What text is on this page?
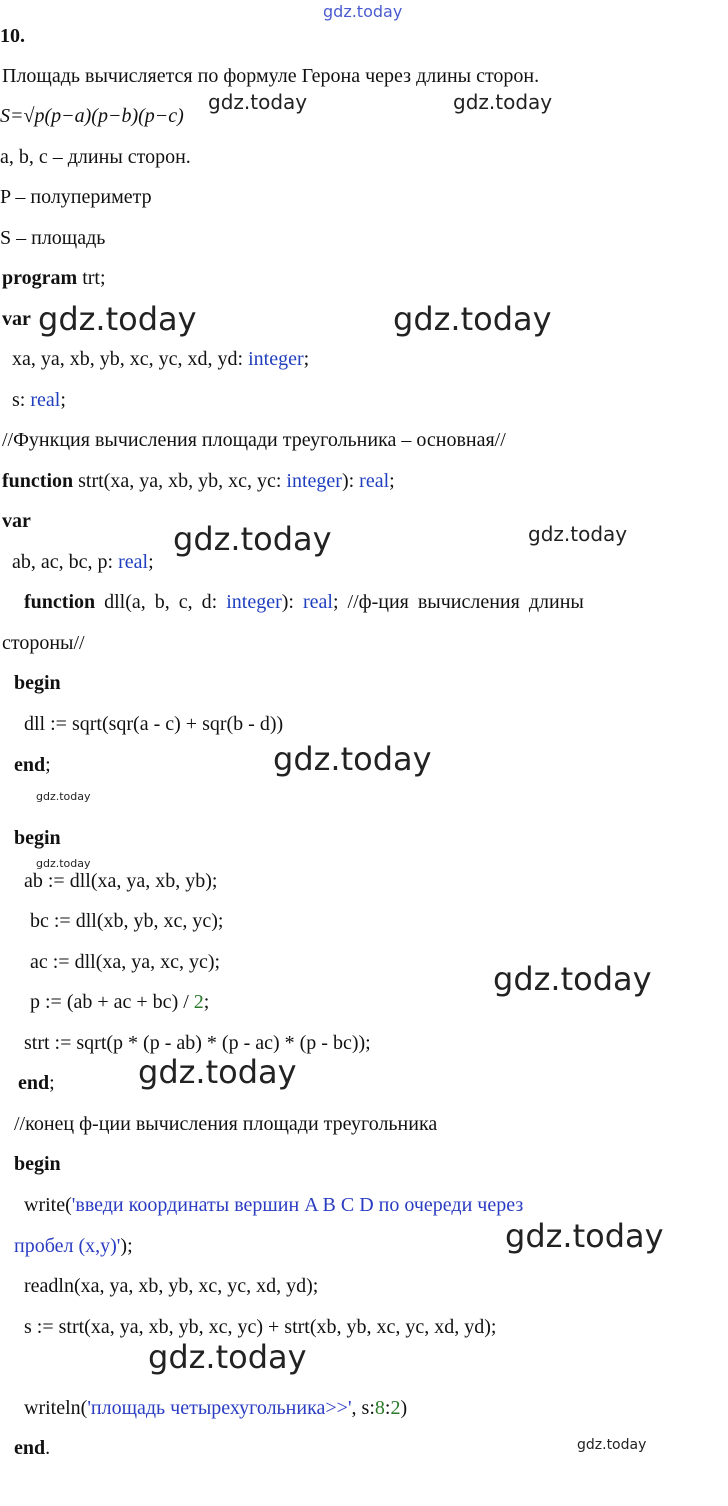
gdz.today
gdz.today	gdz.today
gdz.today	gdz.today
gdz.today	gdz.today
gdz.today
gdz.today
gdz.today
gdz.today
gdz.today
gdz.today
gdz.today
gdz.today
10.
Площадь вычисляется по формуле Герона через длины сторон.
S=√p(p−a)(p−b)(p−c)
a, b, c – длины сторон.
P – полупериметр
S – площадь
program trt;
var
xa, ya, xb, yb, xc, yc, xd, yd: integer;
s: real;
//Функция вычисления площади треугольника – основная//
function strt(xa, ya, xb, yb, xc, yc: integer): real;
var
ab, ac, bc, p: real;
function dll(a, b, c, d: integer): real; //ф-ция вычисления длины
стороны//
begin
dll := sqrt(sqr(a - c) + sqr(b - d))
end;
begin
ab := dll(xa, ya, xb, yb);
bc := dll(xb, yb, xc, yc);
ac := dll(xa, ya, xc, yc);
p := (ab + ac + bc) / 2;
strt := sqrt(p * (p - ab) * (p - ac) * (p - bc));
end;
//конец ф-ции вычисления площади треугольника
begin
write('введи координаты вершин A B C D по очереди через
пробел (x,y)');
readln(xa, ya, xb, yb, xc, yc, xd, yd);
s := strt(xa, ya, xb, yb, xc, yc) + strt(xb, yb, xc, yc, xd, yd);
writeln('площадь четырехугольника>>', s:8:2)
end.
